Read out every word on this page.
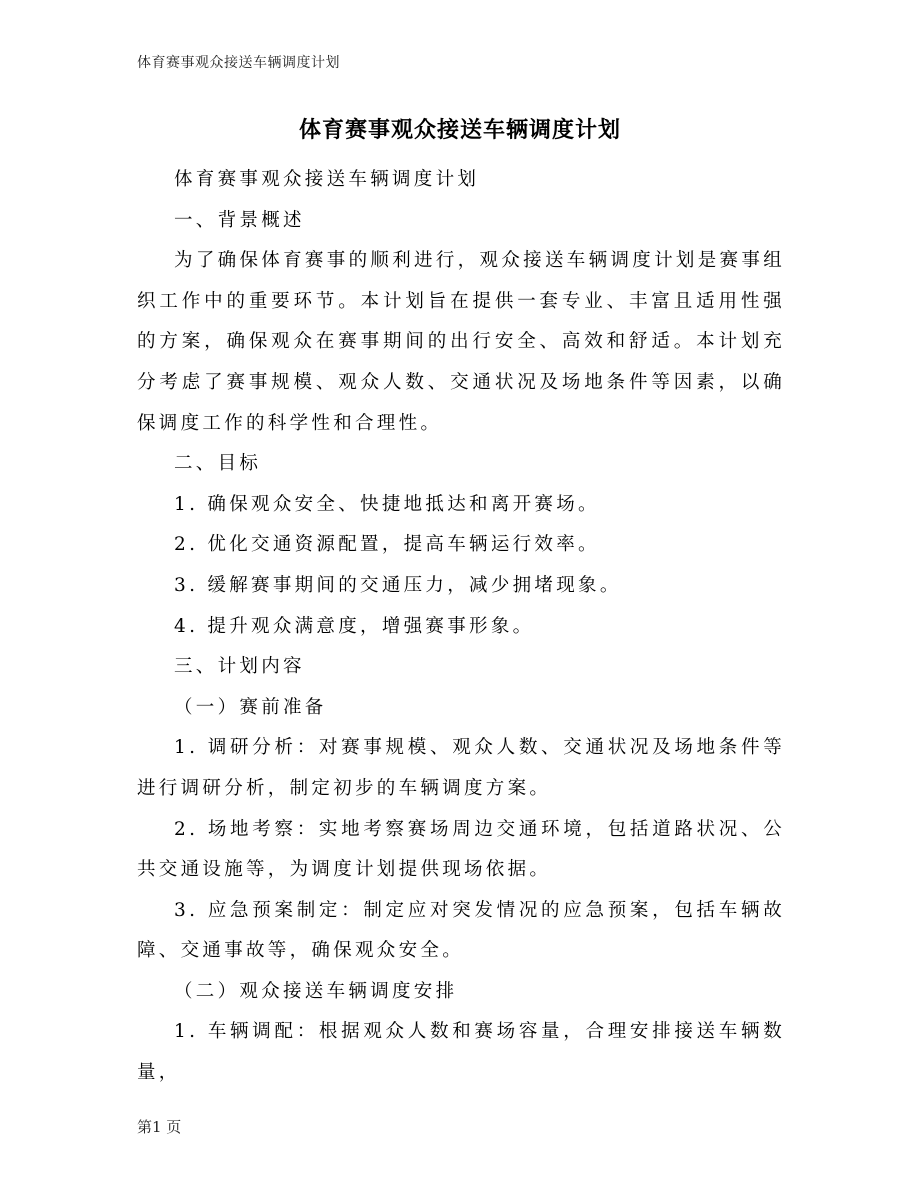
体育赛事观众接送车辆调度计划
体育赛事观众接送车辆调度计划

体育赛事观众接送车辆调度计划

一、背景概述

为了确保体育赛事的顺利进行，观众接送车辆调度计划是赛事组织工作中的重要环节。本计划旨在提供一套专业、丰富且适用性强的方案，确保观众在赛事期间的出行安全、高效和舒适。本计划充分考虑了赛事规模、观众人数、交通状况及场地条件等因素，以确保调度工作的科学性和合理性。

二、目标

1. 确保观众安全、快捷地抵达和离开赛场。

2. 优化交通资源配置，提高车辆运行效率。

3. 缓解赛事期间的交通压力，减少拥堵现象。

4. 提升观众满意度，增强赛事形象。

三、计划内容

（一）赛前准备

1. 调研分析：对赛事规模、观众人数、交通状况及场地条件等进行调研分析，制定初步的车辆调度方案。

2. 场地考察：实地考察赛场周边交通环境，包括道路状况、公共交通设施等，为调度计划提供现场依据。

3. 应急预案制定：制定应对突发情况的应急预案，包括车辆故障、交通事故等，确保观众安全。

（二）观众接送车辆调度安排

1. 车辆调配：根据观众人数和赛场容量，合理安排接送车辆数量，

第1 页
